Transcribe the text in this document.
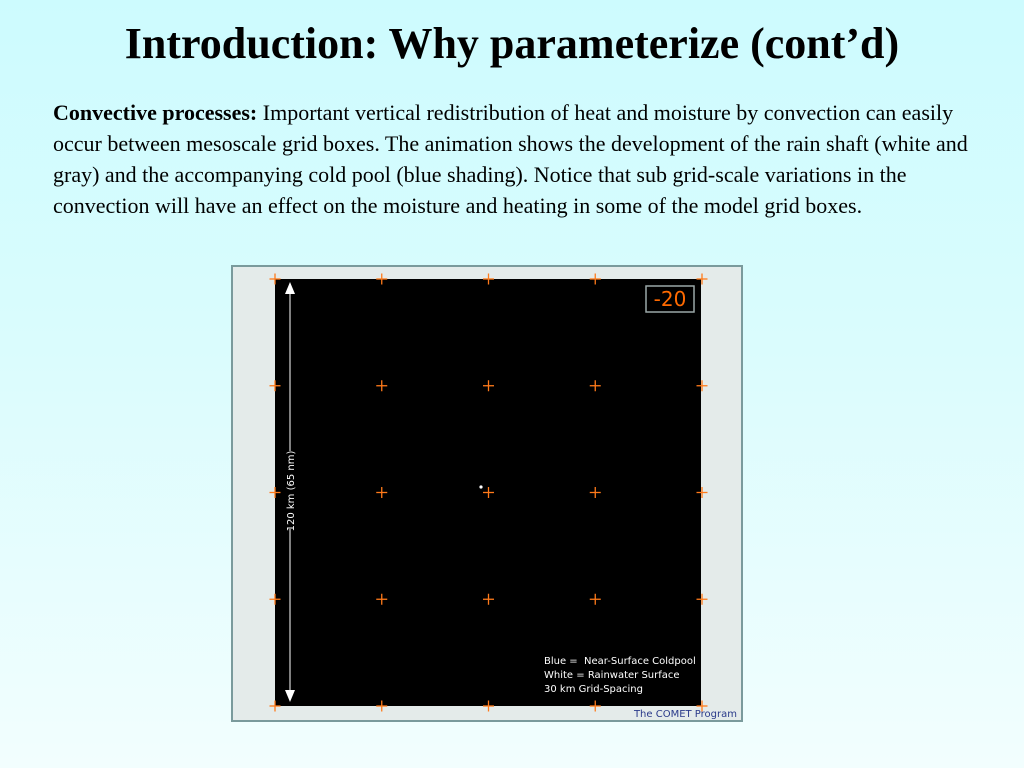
Introduction: Why parameterize (cont’d)

Convective processes: Important vertical redistribution of heat and moisture by convection can easily occur between mesoscale grid boxes. The animation shows the development of the rain shaft (white and gray) and the accompanying cold pool (blue shading). Notice that sub grid-scale variations in the convection will have an effect on the moisture and heating in some of the model grid boxes.

-20
120 km (65 nm)
Blue =  Near-Surface Coldpool
White = Rainwater Surface
30 km Grid-Spacing
The COMET Program
